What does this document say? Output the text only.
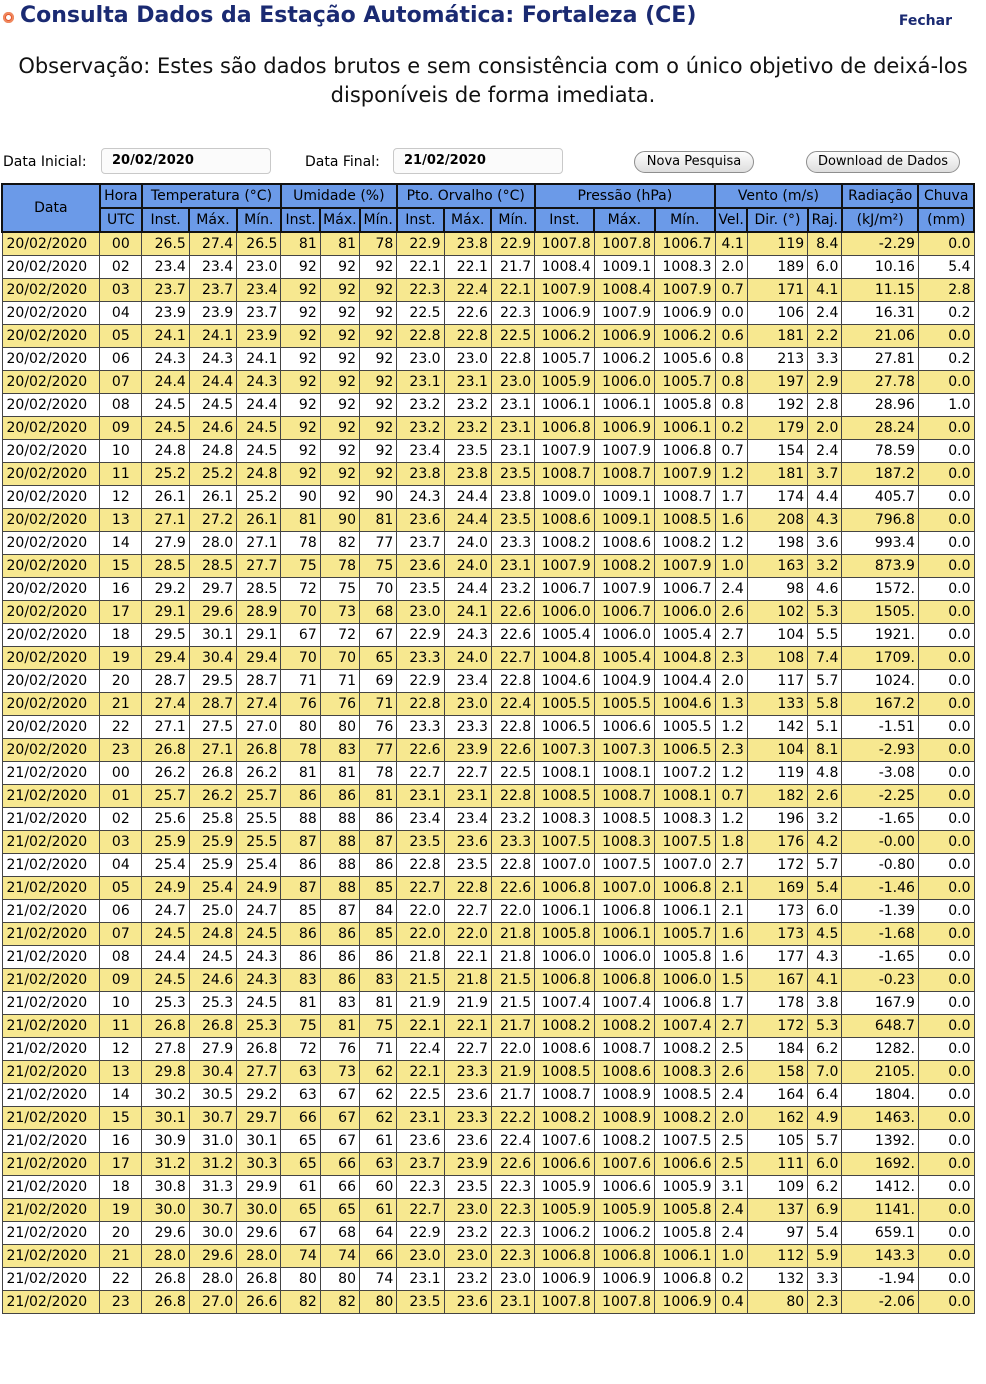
Consulta Dados da Estação Automática: Fortaleza (CE)	Fechar
Observação: Estes são dados brutos e sem consistência com o único objetivo de deixá-los disponíveis de forma imediata.
Data Inicial:	20/02/2020	Data Final:	21/02/2020	Nova Pesquisa	Download de Dados
Data	Hora	Temperatura (°C)			Umidade (%)			Pto. Orvalho (°C)			Pressão (hPa)			Vento (m/s)			Radiação	Chuva
	UTC	Inst.	Máx.	Mín.	Inst.	Máx.	Mín.	Inst.	Máx.	Mín.	Inst.	Máx.	Mín.	Vel.	Dir. (°)	Raj.	(kJ/m²)	(mm)
20/02/2020	00	26.5	27.4	26.5	81	81	78	22.9	23.8	22.9	1007.8	1007.8	1006.7	4.1	119	8.4	-2.29	0.0
20/02/2020	02	23.4	23.4	23.0	92	92	92	22.1	22.1	21.7	1008.4	1009.1	1008.3	2.0	189	6.0	10.16	5.4
20/02/2020	03	23.7	23.7	23.4	92	92	92	22.3	22.4	22.1	1007.9	1008.4	1007.9	0.7	171	4.1	11.15	2.8
20/02/2020	04	23.9	23.9	23.7	92	92	92	22.5	22.6	22.3	1006.9	1007.9	1006.9	0.0	106	2.4	16.31	0.2
20/02/2020	05	24.1	24.1	23.9	92	92	92	22.8	22.8	22.5	1006.2	1006.9	1006.2	0.6	181	2.2	21.06	0.0
20/02/2020	06	24.3	24.3	24.1	92	92	92	23.0	23.0	22.8	1005.7	1006.2	1005.6	0.8	213	3.3	27.81	0.2
20/02/2020	07	24.4	24.4	24.3	92	92	92	23.1	23.1	23.0	1005.9	1006.0	1005.7	0.8	197	2.9	27.78	0.0
20/02/2020	08	24.5	24.5	24.4	92	92	92	23.2	23.2	23.1	1006.1	1006.1	1005.8	0.8	192	2.8	28.96	1.0
20/02/2020	09	24.5	24.6	24.5	92	92	92	23.2	23.2	23.1	1006.8	1006.9	1006.1	0.2	179	2.0	28.24	0.0
20/02/2020	10	24.8	24.8	24.5	92	92	92	23.4	23.5	23.1	1007.9	1007.9	1006.8	0.7	154	2.4	78.59	0.0
20/02/2020	11	25.2	25.2	24.8	92	92	92	23.8	23.8	23.5	1008.7	1008.7	1007.9	1.2	181	3.7	187.2	0.0
20/02/2020	12	26.1	26.1	25.2	90	92	90	24.3	24.4	23.8	1009.0	1009.1	1008.7	1.7	174	4.4	405.7	0.0
20/02/2020	13	27.1	27.2	26.1	81	90	81	23.6	24.4	23.5	1008.6	1009.1	1008.5	1.6	208	4.3	796.8	0.0
20/02/2020	14	27.9	28.0	27.1	78	82	77	23.7	24.0	23.3	1008.2	1008.6	1008.2	1.2	198	3.6	993.4	0.0
20/02/2020	15	28.5	28.5	27.7	75	78	75	23.6	24.0	23.1	1007.9	1008.2	1007.9	1.0	163	3.2	873.9	0.0
20/02/2020	16	29.2	29.7	28.5	72	75	70	23.5	24.4	23.2	1006.7	1007.9	1006.7	2.4	98	4.6	1572.	0.0
20/02/2020	17	29.1	29.6	28.9	70	73	68	23.0	24.1	22.6	1006.0	1006.7	1006.0	2.6	102	5.3	1505.	0.0
20/02/2020	18	29.5	30.1	29.1	67	72	67	22.9	24.3	22.6	1005.4	1006.0	1005.4	2.7	104	5.5	1921.	0.0
20/02/2020	19	29.4	30.4	29.4	70	70	65	23.3	24.0	22.7	1004.8	1005.4	1004.8	2.3	108	7.4	1709.	0.0
20/02/2020	20	28.7	29.5	28.7	71	71	69	22.9	23.4	22.8	1004.6	1004.9	1004.4	2.0	117	5.7	1024.	0.0
20/02/2020	21	27.4	28.7	27.4	76	76	71	22.8	23.0	22.4	1005.5	1005.5	1004.6	1.3	133	5.8	167.2	0.0
20/02/2020	22	27.1	27.5	27.0	80	80	76	23.3	23.3	22.8	1006.5	1006.6	1005.5	1.2	142	5.1	-1.51	0.0
20/02/2020	23	26.8	27.1	26.8	78	83	77	22.6	23.9	22.6	1007.3	1007.3	1006.5	2.3	104	8.1	-2.93	0.0
21/02/2020	00	26.2	26.8	26.2	81	81	78	22.7	22.7	22.5	1008.1	1008.1	1007.2	1.2	119	4.8	-3.08	0.0
21/02/2020	01	25.7	26.2	25.7	86	86	81	23.1	23.1	22.8	1008.5	1008.7	1008.1	0.7	182	2.6	-2.25	0.0
21/02/2020	02	25.6	25.8	25.5	88	88	86	23.4	23.4	23.2	1008.3	1008.5	1008.3	1.2	196	3.2	-1.65	0.0
21/02/2020	03	25.9	25.9	25.5	87	88	87	23.5	23.6	23.3	1007.5	1008.3	1007.5	1.8	176	4.2	-0.00	0.0
21/02/2020	04	25.4	25.9	25.4	86	88	86	22.8	23.5	22.8	1007.0	1007.5	1007.0	2.7	172	5.7	-0.80	0.0
21/02/2020	05	24.9	25.4	24.9	87	88	85	22.7	22.8	22.6	1006.8	1007.0	1006.8	2.1	169	5.4	-1.46	0.0
21/02/2020	06	24.7	25.0	24.7	85	87	84	22.0	22.7	22.0	1006.1	1006.8	1006.1	2.1	173	6.0	-1.39	0.0
21/02/2020	07	24.5	24.8	24.5	86	86	85	22.0	22.0	21.8	1005.8	1006.1	1005.7	1.6	173	4.5	-1.68	0.0
21/02/2020	08	24.4	24.5	24.3	86	86	86	21.8	22.1	21.8	1006.0	1006.0	1005.8	1.6	177	4.3	-1.65	0.0
21/02/2020	09	24.5	24.6	24.3	83	86	83	21.5	21.8	21.5	1006.8	1006.8	1006.0	1.5	167	4.1	-0.23	0.0
21/02/2020	10	25.3	25.3	24.5	81	83	81	21.9	21.9	21.5	1007.4	1007.4	1006.8	1.7	178	3.8	167.9	0.0
21/02/2020	11	26.8	26.8	25.3	75	81	75	22.1	22.1	21.7	1008.2	1008.2	1007.4	2.7	172	5.3	648.7	0.0
21/02/2020	12	27.8	27.9	26.8	72	76	71	22.4	22.7	22.0	1008.6	1008.7	1008.2	2.5	184	6.2	1282.	0.0
21/02/2020	13	29.8	30.4	27.7	63	73	62	22.1	23.3	21.9	1008.5	1008.6	1008.3	2.6	158	7.0	2105.	0.0
21/02/2020	14	30.2	30.5	29.2	63	67	62	22.5	23.6	21.7	1008.7	1008.9	1008.5	2.4	164	6.4	1804.	0.0
21/02/2020	15	30.1	30.7	29.7	66	67	62	23.1	23.3	22.2	1008.2	1008.9	1008.2	2.0	162	4.9	1463.	0.0
21/02/2020	16	30.9	31.0	30.1	65	67	61	23.6	23.6	22.4	1007.6	1008.2	1007.5	2.5	105	5.7	1392.	0.0
21/02/2020	17	31.2	31.2	30.3	65	66	63	23.7	23.9	22.6	1006.6	1007.6	1006.6	2.5	111	6.0	1692.	0.0
21/02/2020	18	30.8	31.3	29.9	61	66	60	22.3	23.5	22.3	1005.9	1006.6	1005.9	3.1	109	6.2	1412.	0.0
21/02/2020	19	30.0	30.7	30.0	65	65	61	22.7	23.0	22.3	1005.9	1005.9	1005.8	2.4	137	6.9	1141.	0.0
21/02/2020	20	29.6	30.0	29.6	67	68	64	22.9	23.2	22.3	1006.2	1006.2	1005.8	2.4	97	5.4	659.1	0.0
21/02/2020	21	28.0	29.6	28.0	74	74	66	23.0	23.0	22.3	1006.8	1006.8	1006.1	1.0	112	5.9	143.3	0.0
21/02/2020	22	26.8	28.0	26.8	80	80	74	23.1	23.2	23.0	1006.9	1006.9	1006.8	0.2	132	3.3	-1.94	0.0
21/02/2020	23	26.8	27.0	26.6	82	82	80	23.5	23.6	23.1	1007.8	1007.8	1006.9	0.4	80	2.3	-2.06	0.0
